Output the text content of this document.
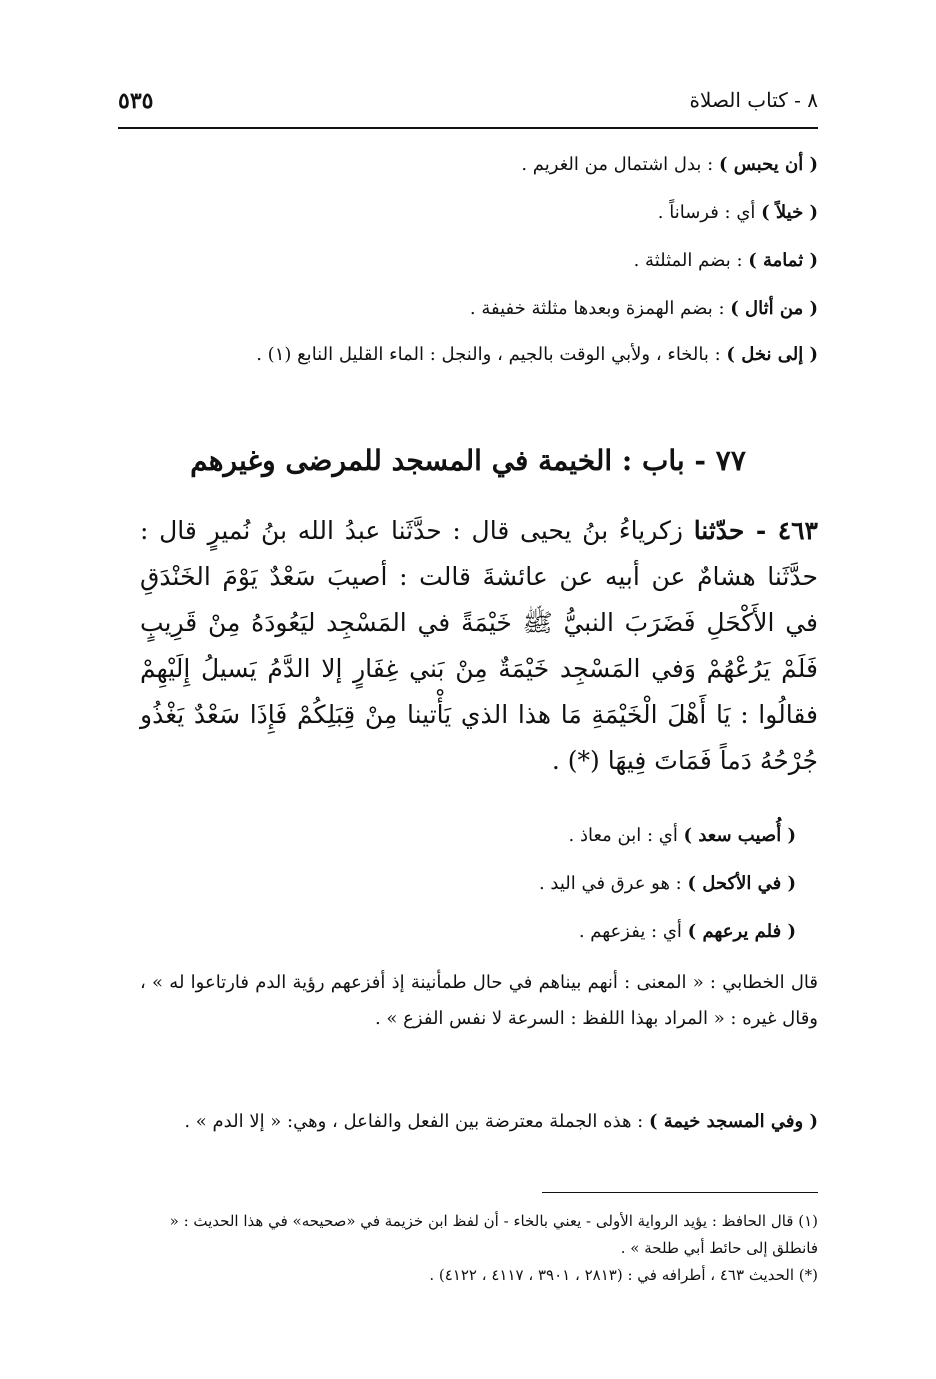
٨ - كتاب الصلاة
٥٣٥
( أن يحبس ) : بدل اشتمال من الغريم .
( خيلاً ) أي : فرساناً .
( ثمامة ) : بضم المثلثة .
( من أثال ) : بضم الهمزة وبعدها مثلثة خفيفة .
( إلى نخل ) : بالخاء ، ولأبي الوقت بالجيم ، والنجل : الماء القليل النابع (١) .
٧٧ - باب : الخيمة في المسجد للمرضى وغيرهم
٤٦٣ - حدّثنا زكرياءُ بنُ يحيى قال : حدَّثَنا عبدُ الله بنُ نُميرٍ قال : حدَّثَنا هشامٌ عن أبيه عن عائشةَ قالت : أصيبَ سَعْدٌ يَوْمَ الخَنْدَقِ في الأَكْحَلِ فَضَرَبَ النبيُّ ﷺ خَيْمَةً في المَسْجِد ليَعُودَهُ مِنْ قَرِيبٍ فَلَمْ يَرُعْهُمْ وَفي المَسْجِد خَيْمَةٌ مِنْ بَني غِفَارٍ إلا الدَّمُ يَسيلُ إِلَيْهِمْ فقالُوا : يَا أَهْلَ الْخَيْمَةِ مَا هذا الذي يَأْتينا مِنْ قِبَلِكُمْ فَإِذَا سَعْدٌ يَغْذُو جُرْحُهُ دَماً فَمَاتَ فِيهَا (*) .
( أُصيب سعد ) أي : ابن معاذ .
( في الأكحل ) : هو عرق في اليد .
( فلم يرعهم ) أي : يفزعهم .
قال الخطابي : « المعنى : أنهم بيناهم في حال طمأنينة إذ أفزعهم رؤية الدم فارتاعوا له » ، وقال غيره : « المراد بهذا اللفظ : السرعة لا نفس الفزع » .
( وفي المسجد خيمة ) : هذه الجملة معترضة بين الفعل والفاعل ، وهي: « إلا الدم » .

(١) قال الحافظ : يؤيد الرواية الأولى - يعني بالخاء - أن لفظ ابن خزيمة في «صحيحه» في هذا الحديث : « فانطلق إلى حائط أبي طلحة » .

(*) الحديث ٤٦٣ ، أطرافه في : (٢٨١٣ ، ٣٩٠١ ، ٤١١٧ ، ٤١٢٢) .
